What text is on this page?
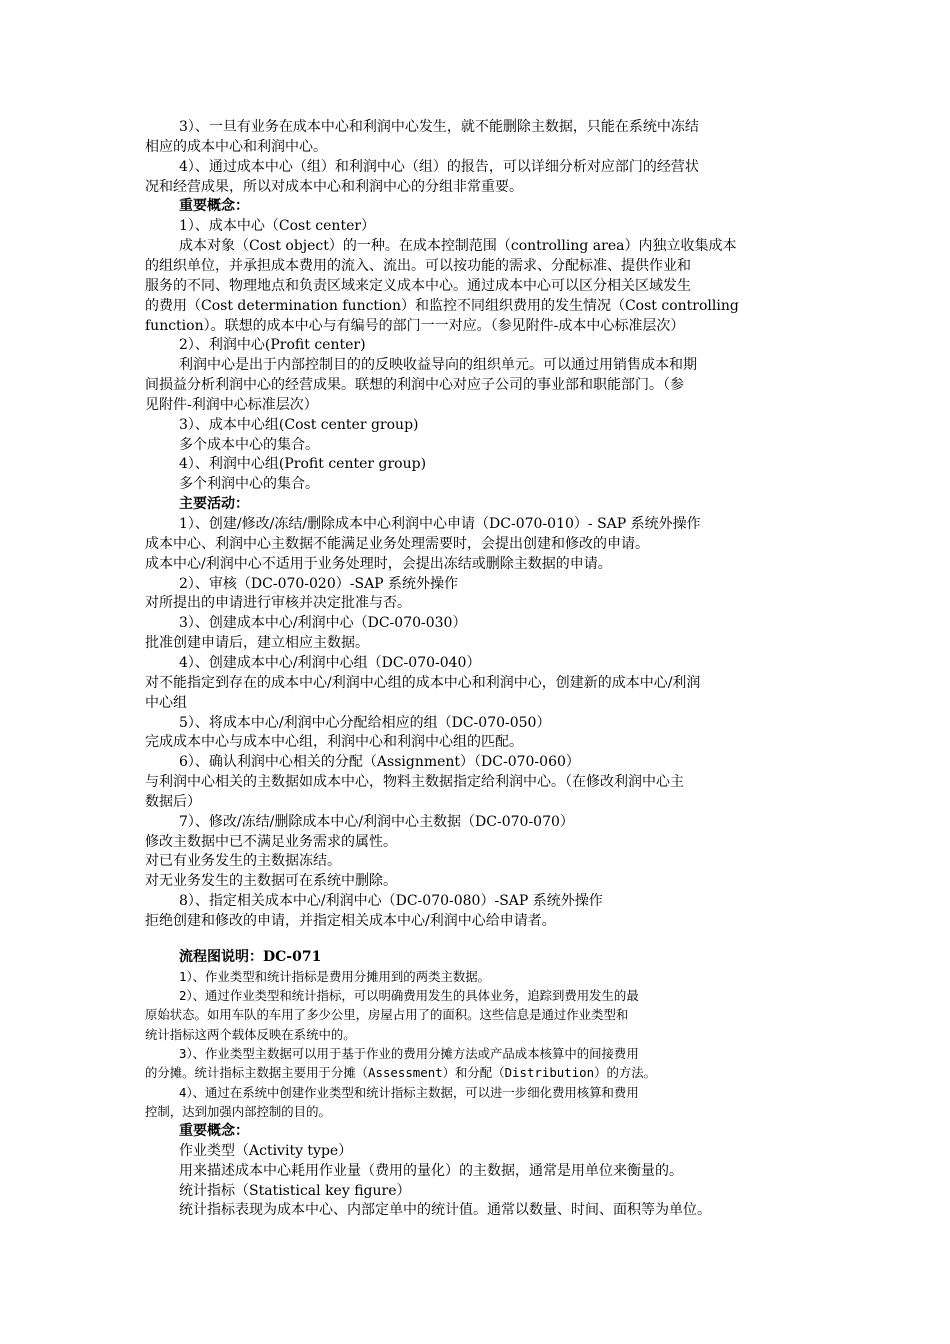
3）、一旦有业务在成本中心和利润中心发生，就不能删除主数据，只能在系统中冻结
相应的成本中心和利润中心。
4）、通过成本中心（组）和利润中心（组）的报告，可以详细分析对应部门的经营状
况和经营成果，所以对成本中心和利润中心的分组非常重要。
重要概念：
1）、成本中心（Cost center）
成本对象（Cost object）的一种。在成本控制范围（controlling area）内独立收集成本
的组织单位，并承担成本费用的流入、流出。可以按功能的需求、分配标准、提供作业和
服务的不同、物理地点和负责区域来定义成本中心。通过成本中心可以区分相关区域发生
的费用（Cost determination function）和监控不同组织费用的发生情况（Cost controlling
function）。联想的成本中心与有编号的部门一一对应。（参见附件-成本中心标准层次）
2）、利润中心(Profit center)
利润中心是出于内部控制目的的反映收益导向的组织单元。可以通过用销售成本和期
间损益分析利润中心的经营成果。联想的利润中心对应子公司的事业部和职能部门。（参
见附件-利润中心标准层次）
3）、成本中心组(Cost center group)
多个成本中心的集合。
4）、利润中心组(Profit center group)
多个利润中心的集合。
主要活动：
1）、创建/修改/冻结/删除成本中心利润中心申请（DC-070-010）- SAP 系统外操作
成本中心、利润中心主数据不能满足业务处理需要时，会提出创建和修改的申请。
成本中心/利润中心不适用于业务处理时，会提出冻结或删除主数据的申请。
2）、审核（DC-070-020）-SAP 系统外操作
对所提出的申请进行审核并决定批准与否。
3）、创建成本中心/利润中心（DC-070-030）
批准创建申请后，建立相应主数据。
4）、创建成本中心/利润中心组（DC-070-040）
对不能指定到存在的成本中心/利润中心组的成本中心和利润中心，创建新的成本中心/利润
中心组
5）、将成本中心/利润中心分配给相应的组（DC-070-050）
完成成本中心与成本中心组，利润中心和利润中心组的匹配。
6）、确认利润中心相关的分配（Assignment）（DC-070-060）
与利润中心相关的主数据如成本中心，物料主数据指定给利润中心。（在修改利润中心主
数据后）
7）、修改/冻结/删除成本中心/利润中心主数据（DC-070-070）
修改主数据中已不满足业务需求的属性。
对已有业务发生的主数据冻结。
对无业务发生的主数据可在系统中删除。
8）、指定相关成本中心/利润中心（DC-070-080）-SAP 系统外操作
拒绝创建和修改的申请，并指定相关成本中心/利润中心给申请者。
流程图说明：DC-071
1）、作业类型和统计指标是费用分摊用到的两类主数据。
2）、通过作业类型和统计指标，可以明确费用发生的具体业务，追踪到费用发生的最
原始状态。如用车队的车用了多少公里，房屋占用了的面积。这些信息是通过作业类型和
统计指标这两个载体反映在系统中的。
3）、作业类型主数据可以用于基于作业的费用分摊方法或产品成本核算中的间接费用
的分摊。统计指标主数据主要用于分摊（Assessment）和分配（Distribution）的方法。
4）、通过在系统中创建作业类型和统计指标主数据，可以进一步细化费用核算和费用
控制，达到加强内部控制的目的。
重要概念：
作业类型（Activity type）
用来描述成本中心耗用作业量（费用的量化）的主数据，通常是用单位来衡量的。
统计指标（Statistical key figure）
统计指标表现为成本中心、内部定单中的统计值。通常以数量、时间、面积等为单位。
